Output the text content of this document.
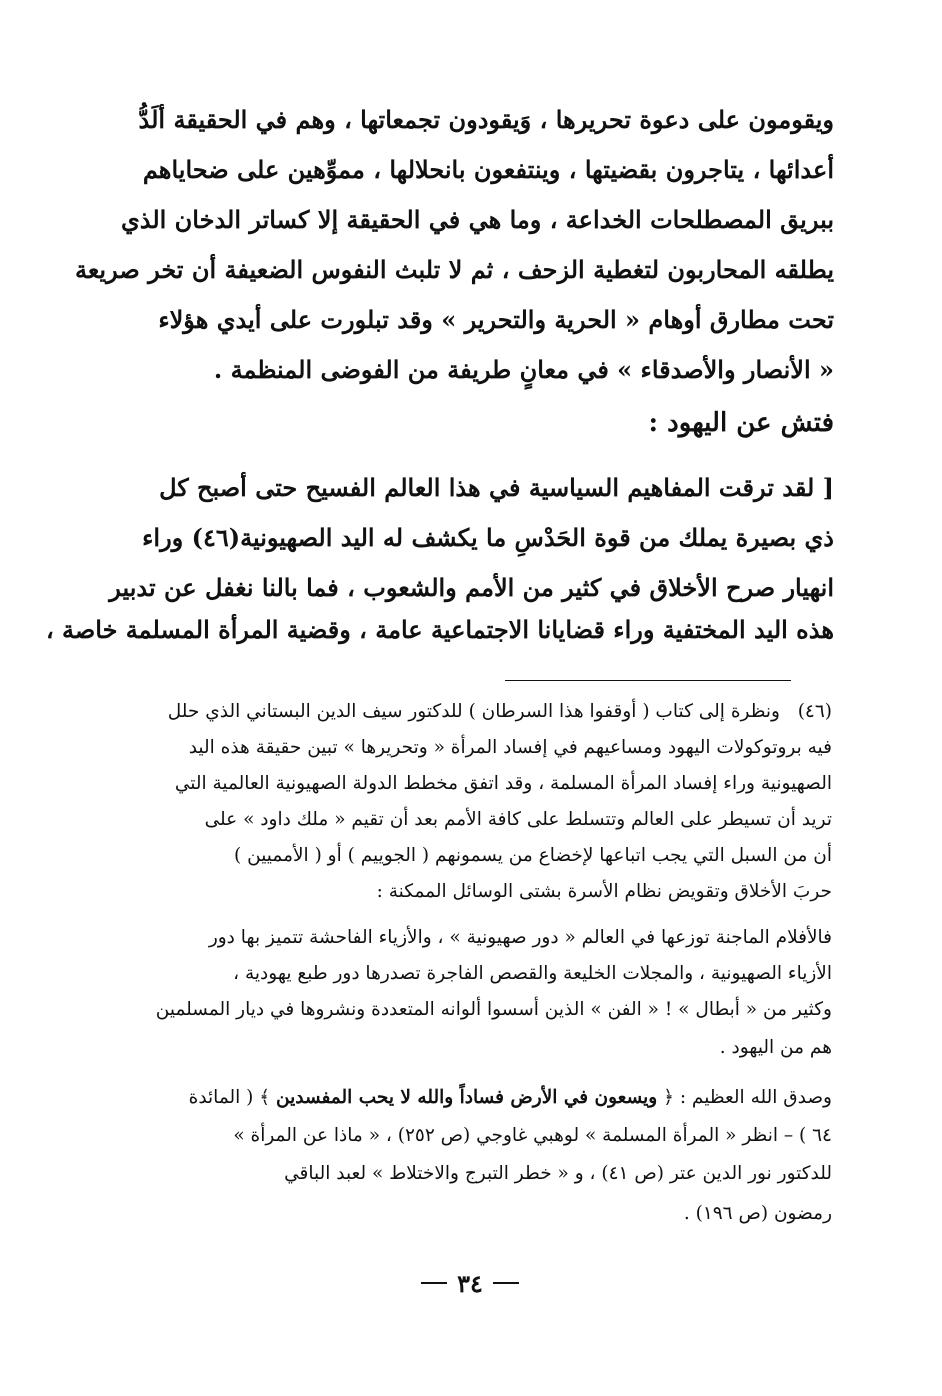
ويقومون على دعوة تحريرها ، وَيقودون تجمعاتها ، وهم في الحقيقة ألَدُّ
أعدائها ، يتاجرون بقضيتها ، وينتفعون بانحلالها ، مموِّهين على ضحاياهم
ببريق المصطلحات الخداعة ، وما هي في الحقيقة إلا كساتر الدخان الذي
يطلقه المحاربون لتغطية الزحف ، ثم لا تلبث النفوس الضعيفة أن تخر صريعة
تحت مطارق أوهام « الحرية والتحرير » وقد تبلورت على أيدي هؤلاء
« الأنصار والأصدقاء » في معانٍ طريفة من الفوضى المنظمة .
فتش عن اليهود :
[ لقد ترقت المفاهيم السياسية في هذا العالم الفسيح حتى أصبح كل
ذي بصيرة يملك من قوة الحَدْسِ ما يكشف له اليد الصهيونية(٤٦) وراء
انهيار صرح الأخلاق في كثير من الأمم والشعوب ، فما بالنا نغفل عن تدبير
هذه اليد المختفية وراء قضايانا الاجتماعية عامة ، وقضية المرأة المسلمة خاصة ،
(٤٦)
ونظرة إلى كتاب ( أوقفوا هذا السرطان ) للدكتور سيف الدين البستاني الذي حلل
فيه بروتوكولات اليهود ومساعيهم في إفساد المرأة « وتحريرها » تبين حقيقة هذه اليد
الصهيونية وراء إفساد المرأة المسلمة ، وقد اتفق مخطط الدولة الصهيونية العالمية التي
تريد أن تسيطر على العالم وتتسلط على كافة الأمم بعد أن تقيم « ملك داود » على
أن من السبل التي يجب اتباعها لإخضاع من يسمونهم ( الجوييم ) أو ( الأمميين )
حربَ الأخلاق وتقويض نظام الأسرة بشتى الوسائل الممكنة :
فالأفلام الماجنة توزعها في العالم « دور صهيونية » ، والأزياء الفاحشة تتميز بها دور
الأزياء الصهيونية ، والمجلات الخليعة والقصص الفاجرة تصدرها دور طبع يهودية ،
وكثير من « أبطال » ! « الفن » الذين أسسوا ألوانه المتعددة ونشروها في ديار المسلمين
هم من اليهود .
وصدق الله العظيم : ﴿ ويسعون في الأرض فساداً والله لا يحب المفسدين ﴾ ( المائدة
٦٤ ) – انظر « المرأة المسلمة » لوهبي غاوجي (ص ٢٥٢) ، « ماذا عن المرأة »
للدكتور نور الدين عتر (ص ٤١) ، و « خطر التبرج والاختلاط » لعبد الباقي
رمضون (ص ١٩٦) .
٣٤
